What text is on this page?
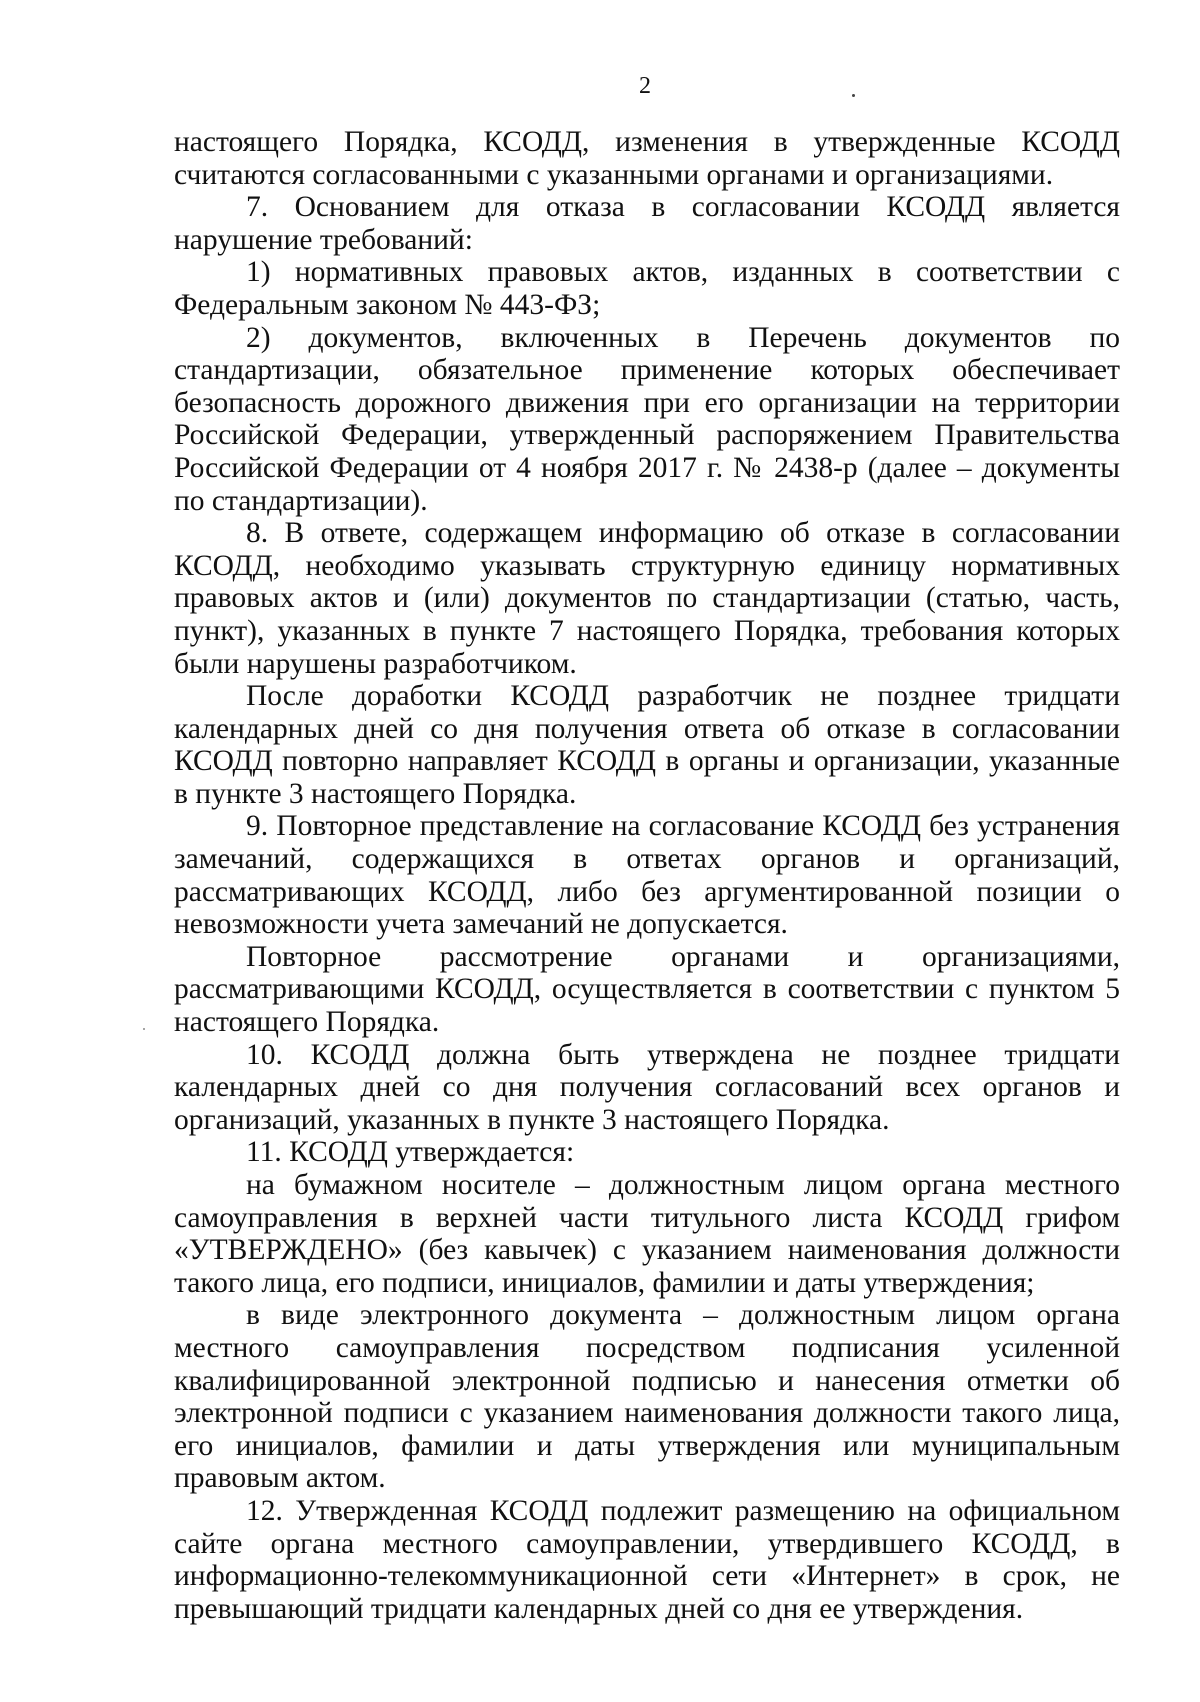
2

настоящего Порядка, КСОДД, изменения в утвержденные КСОДД считаются согласованными с указанными органами и организациями.

7. Основанием для отказа в согласовании КСОДД является нарушение требований:

1) нормативных правовых актов, изданных в соответствии с Федеральным законом № 443-ФЗ;

2) документов, включенных в Перечень документов по стандартизации, обязательное применение которых обеспечивает безопасность дорожного движения при его организации на территории Российской Федерации, утвержденный распоряжением Правительства Российской Федерации от 4 ноября 2017 г. № 2438-р (далее – документы по стандартизации).

8. В ответе, содержащем информацию об отказе в согласовании КСОДД, необходимо указывать структурную единицу нормативных правовых актов и (или) документов по стандартизации (статью, часть, пункт), указанных в пункте 7 настоящего Порядка, требования которых были нарушены разработчиком.

После доработки КСОДД разработчик не позднее тридцати календарных дней со дня получения ответа об отказе в согласовании КСОДД повторно направляет КСОДД в органы и организации, указанные в пункте 3 настоящего Порядка.

9. Повторное представление на согласование КСОДД без устранения замечаний, содержащихся в ответах органов и организаций, рассматривающих КСОДД, либо без аргументированной позиции о невозможности учета замечаний не допускается.

Повторное рассмотрение органами и организациями, рассматривающими КСОДД, осуществляется в соответствии с пунктом 5 настоящего Порядка.

10. КСОДД должна быть утверждена не позднее тридцати календарных дней со дня получения согласований всех органов и организаций, указанных в пункте 3 настоящего Порядка.

11. КСОДД утверждается:

на бумажном носителе – должностным лицом органа местного самоуправления в верхней части титульного листа КСОДД грифом «УТВЕРЖДЕНО» (без кавычек) с указанием наименования должности такого лица, его подписи, инициалов, фамилии и даты утверждения;

в виде электронного документа – должностным лицом органа местного самоуправления посредством подписания усиленной квалифицированной электронной подписью и нанесения отметки об электронной подписи с указанием наименования должности такого лица, его инициалов, фамилии и даты утверждения или муниципальным правовым актом.

12. Утвержденная КСОДД подлежит размещению на официальном сайте органа местного самоуправлении, утвердившего КСОДД, в информационно-телекоммуникационной сети «Интернет» в срок, не превышающий тридцати календарных дней со дня ее утверждения.
